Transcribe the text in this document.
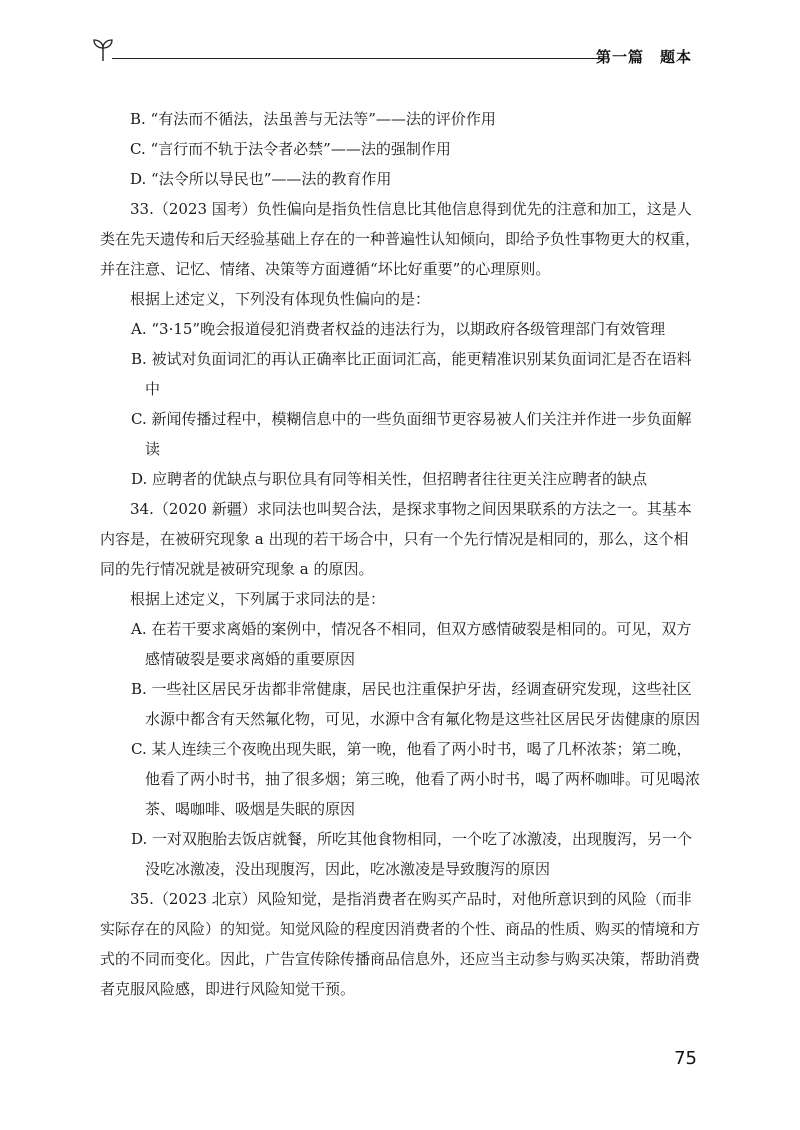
第一篇　题本

B. “有法而不循法，法虽善与无法等”——法的评价作用

C. “言行而不轨于法令者必禁”——法的强制作用

D. “法令所以导民也”——法的教育作用

33.（2023 国考）负性偏向是指负性信息比其他信息得到优先的注意和加工，这是人类在先天遗传和后天经验基础上存在的一种普遍性认知倾向，即给予负性事物更大的权重，并在注意、记忆、情绪、决策等方面遵循“坏比好重要”的心理原则。

根据上述定义，下列没有体现负性偏向的是：

A. “3·15”晚会报道侵犯消费者权益的违法行为，以期政府各级管理部门有效管理

B. 被试对负面词汇的再认正确率比正面词汇高，能更精准识别某负面词汇是否在语料中

C. 新闻传播过程中，模糊信息中的一些负面细节更容易被人们关注并作进一步负面解读

D. 应聘者的优缺点与职位具有同等相关性，但招聘者往往更关注应聘者的缺点

34.（2020 新疆）求同法也叫契合法，是探求事物之间因果联系的方法之一。其基本内容是，在被研究现象 a 出现的若干场合中，只有一个先行情况是相同的，那么，这个相同的先行情况就是被研究现象 a 的原因。

根据上述定义，下列属于求同法的是：

A. 在若干要求离婚的案例中，情况各不相同，但双方感情破裂是相同的。可见，双方感情破裂是要求离婚的重要原因

B. 一些社区居民牙齿都非常健康，居民也注重保护牙齿，经调查研究发现，这些社区水源中都含有天然氟化物，可见，水源中含有氟化物是这些社区居民牙齿健康的原因

C. 某人连续三个夜晚出现失眠，第一晚，他看了两小时书，喝了几杯浓茶；第二晚，他看了两小时书，抽了很多烟；第三晚，他看了两小时书，喝了两杯咖啡。可见喝浓茶、喝咖啡、吸烟是失眠的原因

D. 一对双胞胎去饭店就餐，所吃其他食物相同，一个吃了冰激凌，出现腹泻，另一个没吃冰激凌，没出现腹泻，因此，吃冰激凌是导致腹泻的原因

35.（2023 北京）风险知觉，是指消费者在购买产品时，对他所意识到的风险（而非实际存在的风险）的知觉。知觉风险的程度因消费者的个性、商品的性质、购买的情境和方式的不同而变化。因此，广告宣传除传播商品信息外，还应当主动参与购买决策，帮助消费者克服风险感，即进行风险知觉干预。

75
